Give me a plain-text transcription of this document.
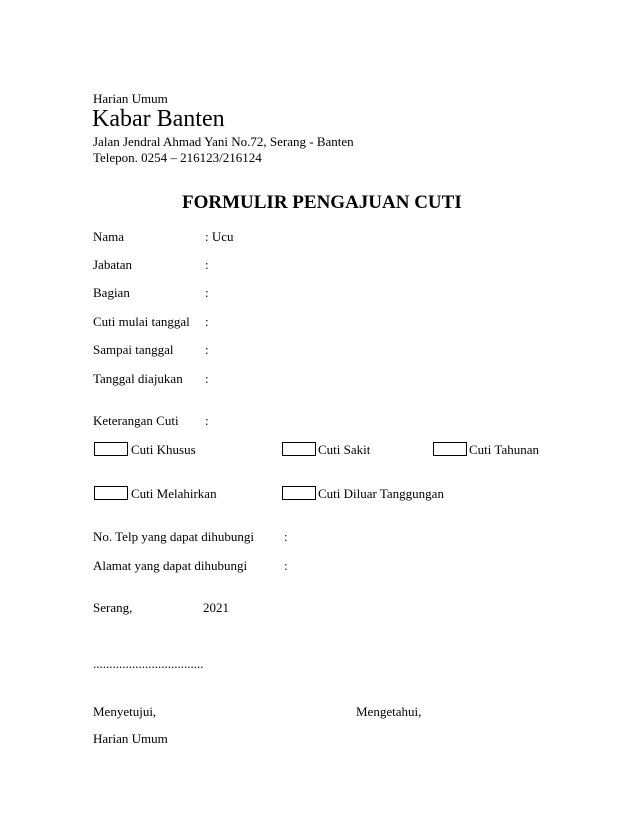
Harian Umum
Kabar Banten
Jalan Jendral Ahmad Yani No.72, Serang - Banten
Telepon. 0254 – 216123/216124
FORMULIR PENGAJUAN CUTI
Nama	: Ucu
Jabatan	:
Bagian	:
Cuti mulai tanggal :
Sampai tanggal :
Tanggal diajukan :
Keterangan Cuti :
Cuti Khusus	Cuti Sakit	Cuti Tahunan
Cuti Melahirkan	Cuti Diluar Tanggungan
No. Telp yang dapat dihubungi :
Alamat yang dapat dihubungi	:
Serang,	2021
..................................
Menyetujui,	Mengetahui,
Harian Umum
